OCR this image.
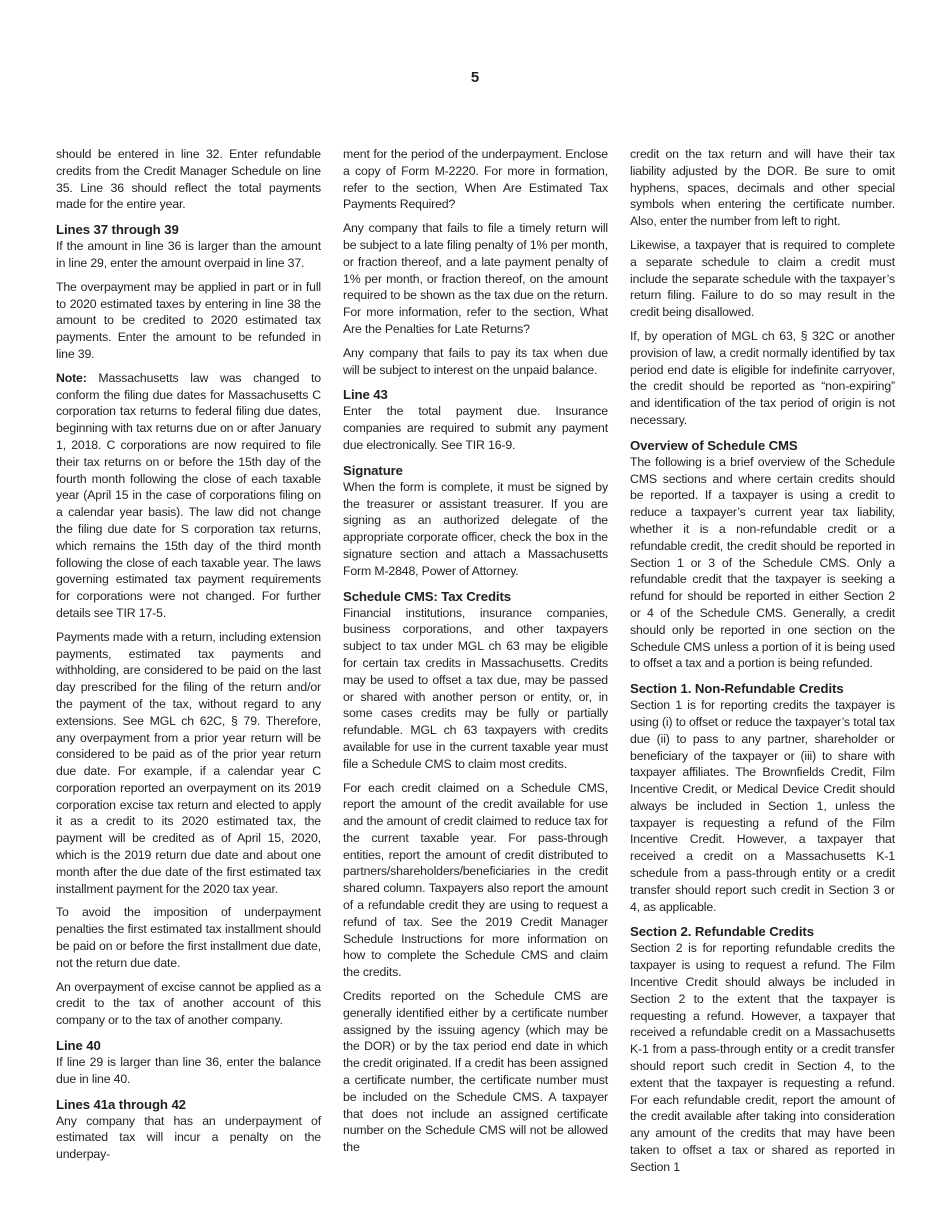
5

should be entered in line 32. Enter refundable credits from the Credit Manager Schedule on line 35. Line 36 should reflect the total payments made for the entire year.

Lines 37 through 39

If the amount in line 36 is larger than the amount in line 29, enter the amount overpaid in line 37.

The overpayment may be applied in part or in full to 2020 estimated taxes by entering in line 38 the amount to be credited to 2020 estimated tax payments. Enter the amount to be refunded in line 39.

Note: Massachusetts law was changed to conform the filing due dates for Massachusetts C corporation tax returns to federal filing due dates, beginning with tax returns due on or after January 1, 2018. C corporations are now required to file their tax returns on or before the 15th day of the fourth month following the close of each taxable year (April 15 in the case of corporations filing on a calendar year basis). The law did not change the filing due date for S corporation tax returns, which remains the 15th day of the third month following the close of each taxable year. The laws governing estimated tax payment requirements for corporations were not changed. For further details see TIR 17-5.

Payments made with a return, including extension payments, estimated tax payments and withholding, are considered to be paid on the last day prescribed for the filing of the return and/or the payment of the tax, without regard to any extensions. See MGL ch 62C, § 79. Therefore, any overpayment from a prior year return will be considered to be paid as of the prior year return due date. For example, if a calendar year C corporation reported an overpayment on its 2019 corporation excise tax return and elected to apply it as a credit to its 2020 estimated tax, the payment will be credited as of April 15, 2020, which is the 2019 return due date and about one month after the due date of the first estimated tax installment payment for the 2020 tax year.

To avoid the imposition of underpayment penalties the first estimated tax installment should be paid on or before the first installment due date, not the return due date.

An overpayment of excise cannot be applied as a credit to the tax of another account of this company or to the tax of another company.

Line 40

If line 29 is larger than line 36, enter the balance due in line 40.

Lines 41a through 42

Any company that has an underpayment of estimated tax will incur a penalty on the underpay-

ment for the period of the underpayment. Enclose a copy of Form M-2220. For more in formation, refer to the section, When Are Estimated Tax Payments Required?

Any company that fails to file a timely return will be subject to a late filing penalty of 1% per month, or fraction thereof, and a late payment penalty of 1% per month, or fraction thereof, on the amount required to be shown as the tax due on the return. For more information, refer to the section, What Are the Penalties for Late Returns?

Any company that fails to pay its tax when due will be subject to interest on the unpaid balance.

Line 43

Enter the total payment due. Insurance companies are required to submit any payment due electronically. See TIR 16-9.

Signature

When the form is complete, it must be signed by the treasurer or assistant treasurer. If you are signing as an authorized delegate of the appropriate corporate officer, check the box in the signature section and attach a Massachusetts Form M-2848, Power of Attorney.

Schedule CMS: Tax Credits

Financial institutions, insurance companies, business corporations, and other taxpayers subject to tax under MGL ch 63 may be eligible for certain tax credits in Massachusetts. Credits may be used to offset a tax due, may be passed or shared with another person or entity, or, in some cases credits may be fully or partially refundable. MGL ch 63 taxpayers with credits available for use in the current taxable year must file a Schedule CMS to claim most credits.

For each credit claimed on a Schedule CMS, report the amount of the credit available for use and the amount of credit claimed to reduce tax for the current taxable year. For pass-through entities, report the amount of credit distributed to partners/shareholders/beneficiaries in the credit shared column. Taxpayers also report the amount of a refundable credit they are using to request a refund of tax. See the 2019 Credit Manager Schedule Instructions for more information on how to complete the Schedule CMS and claim the credits.

Credits reported on the Schedule CMS are generally identified either by a certificate number assigned by the issuing agency (which may be the DOR) or by the tax period end date in which the credit originated. If a credit has been assigned a certificate number, the certificate number must be included on the Schedule CMS. A taxpayer that does not include an assigned certificate number on the Schedule CMS will not be allowed the

credit on the tax return and will have their tax liability adjusted by the DOR. Be sure to omit hyphens, spaces, decimals and other special symbols when entering the certificate number. Also, enter the number from left to right.

Likewise, a taxpayer that is required to complete a separate schedule to claim a credit must include the separate schedule with the taxpayer’s return filing. Failure to do so may result in the credit being disallowed.

If, by operation of MGL ch 63, § 32C or another provision of law, a credit normally identified by tax period end date is eligible for indefinite carryover, the credit should be reported as “non-expiring” and identification of the tax period of origin is not necessary.

Overview of Schedule CMS

The following is a brief overview of the Schedule CMS sections and where certain credits should be reported. If a taxpayer is using a credit to reduce a taxpayer’s current year tax liability, whether it is a non-refundable credit or a refundable credit, the credit should be reported in Section 1 or 3 of the Schedule CMS. Only a refundable credit that the taxpayer is seeking a refund for should be reported in either Section 2 or 4 of the Schedule CMS. Generally, a credit should only be reported in one section on the Schedule CMS unless a portion of it is being used to offset a tax and a portion is being refunded.

Section 1. Non-Refundable Credits

Section 1 is for reporting credits the taxpayer is using (i) to offset or reduce the taxpayer’s total tax due (ii) to pass to any partner, shareholder or beneficiary of the taxpayer or (iii) to share with taxpayer affiliates. The Brownfields Credit, Film Incentive Credit, or Medical Device Credit should always be included in Section 1, unless the taxpayer is requesting a refund of the Film Incentive Credit. However, a taxpayer that received a credit on a Massachusetts K-1 schedule from a pass-through entity or a credit transfer should report such credit in Section 3 or 4, as applicable.

Section 2. Refundable Credits

Section 2 is for reporting refundable credits the taxpayer is using to request a refund. The Film Incentive Credit should always be included in Section 2 to the extent that the taxpayer is requesting a refund. However, a taxpayer that received a refundable credit on a Massachusetts K-1 from a pass-through entity or a credit transfer should report such credit in Section 4, to the extent that the taxpayer is requesting a refund. For each refundable credit, report the amount of the credit available after taking into consideration any amount of the credits that may have been taken to offset a tax or shared as reported in Section 1
